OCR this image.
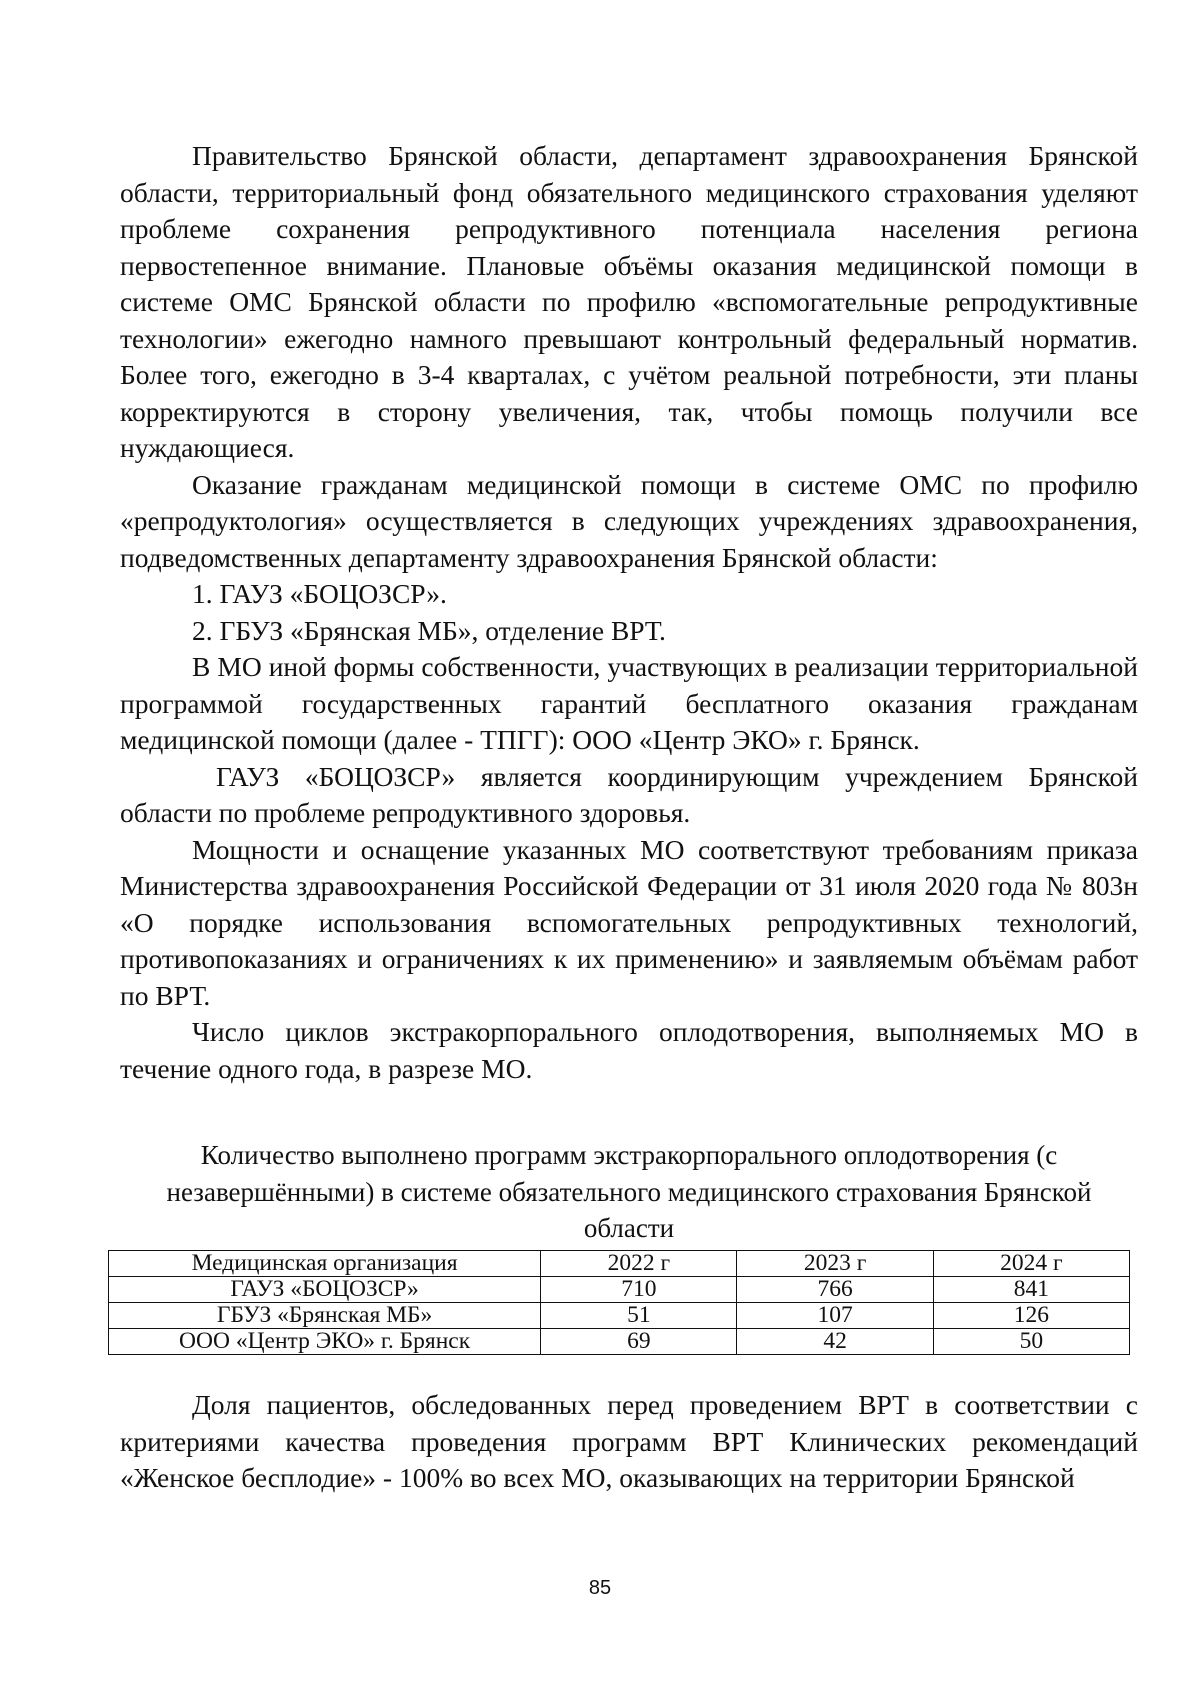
Правительство Брянской области, департамент здравоохранения Брянской области, территориальный фонд обязательного медицинского страхования уделяют проблеме сохранения репродуктивного потенциала населения региона первостепенное внимание. Плановые объёмы оказания медицинской помощи в системе ОМС Брянской области по профилю «вспомогательные репродуктивные технологии» ежегодно намного превышают контрольный федеральный норматив. Более того, ежегодно в 3-4 кварталах, с учётом реальной потребности, эти планы корректируются в сторону увеличения, так, чтобы помощь получили все нуждающиеся.

Оказание гражданам медицинской помощи в системе ОМС по профилю «репродуктология» осуществляется в следующих учреждениях здравоохранения, подведомственных департаменту здравоохранения Брянской области:

1. ГАУЗ «БОЦОЗСР».

2. ГБУЗ «Брянская МБ», отделение ВРТ.

В МО иной формы собственности, участвующих в реализации территориальной программой государственных гарантий бесплатного оказания гражданам медицинской помощи (далее - ТПГГ): ООО «Центр ЭКО» г. Брянск.

ГАУЗ «БОЦОЗСР» является координирующим учреждением Брянской области по проблеме репродуктивного здоровья.

Мощности и оснащение указанных МО соответствуют требованиям приказа Министерства здравоохранения Российской Федерации от 31 июля 2020 года № 803н «О порядке использования вспомогательных репродуктивных технологий, противопоказаниях и ограничениях к их применению» и заявляемым объёмам работ по ВРТ.

Число циклов экстракорпорального оплодотворения, выполняемых МО в течение одного года, в разрезе МО.

Количество выполнено программ экстракорпорального оплодотворения (с
незавершёнными) в системе обязательного медицинского страхования Брянской
области

Медицинская организация	2022 г	2023 г	2024 г
ГАУЗ «БОЦОЗСР»	710	766	841
ГБУЗ «Брянская МБ»	51	107	126
ООО «Центр ЭКО» г. Брянск	69	42	50

Доля пациентов, обследованных перед проведением ВРТ в соответствии с критериями качества проведения программ ВРТ Клинических рекомендаций «Женское бесплодие» - 100% во всех МО, оказывающих на территории Брянской

85
